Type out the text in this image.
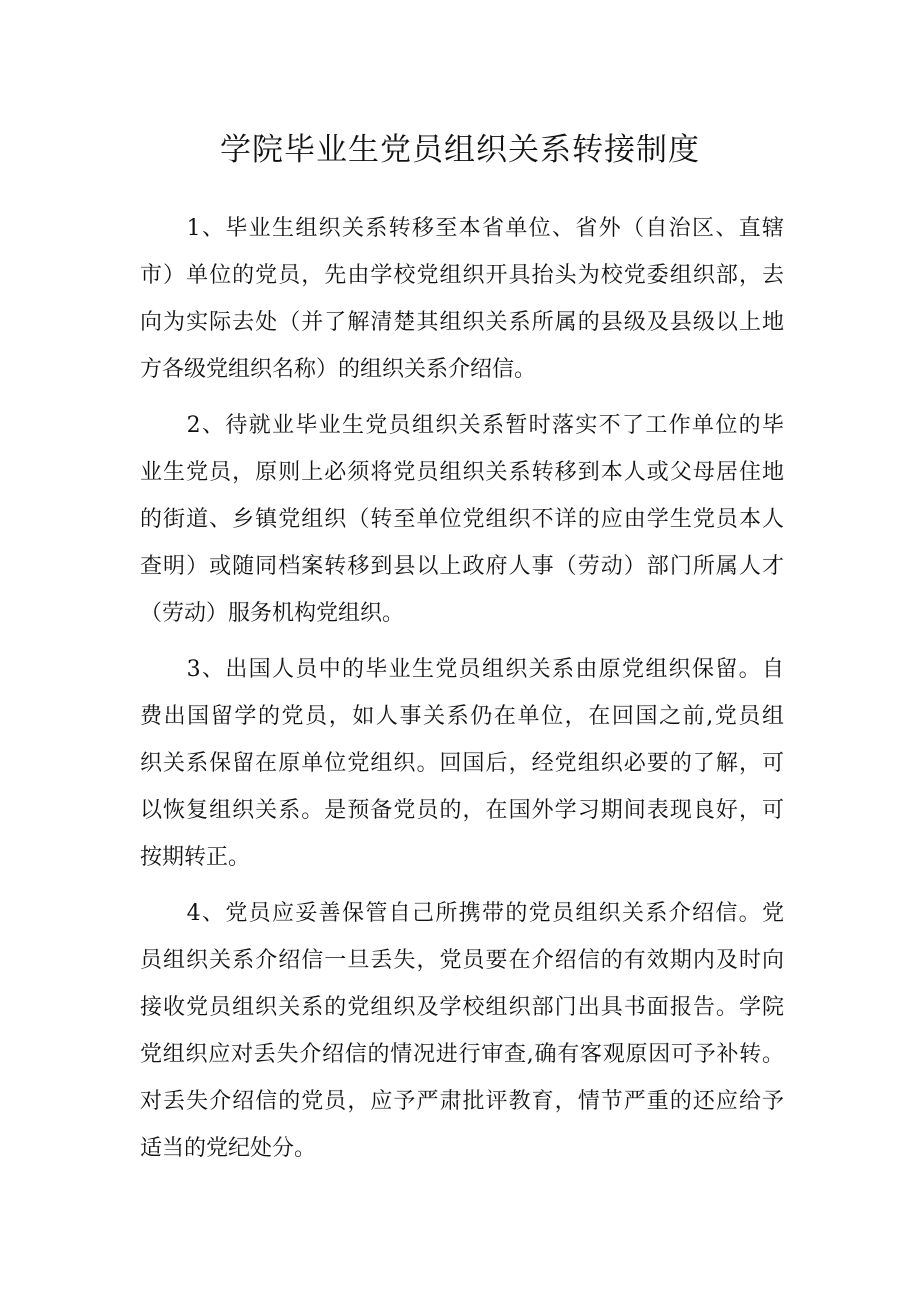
学院毕业生党员组织关系转接制度
　　1、毕业生组织关系转移至本省单位、省外（自治区、直辖
市）单位的党员，先由学校党组织开具抬头为校党委组织部，去
向为实际去处（并了解清楚其组织关系所属的县级及县级以上地
方各级党组织名称）的组织关系介绍信。
　　2、待就业毕业生党员组织关系暂时落实不了工作单位的毕
业生党员，原则上必须将党员组织关系转移到本人或父母居住地
的街道、乡镇党组织（转至单位党组织不详的应由学生党员本人
查明）或随同档案转移到县以上政府人事（劳动）部门所属人才
（劳动）服务机构党组织。
　　3、出国人员中的毕业生党员组织关系由原党组织保留。自
费出国留学的党员，如人事关系仍在单位，在回国之前,党员组
织关系保留在原单位党组织。回国后，经党组织必要的了解，可
以恢复组织关系。是预备党员的，在国外学习期间表现良好，可
按期转正。
　　4、党员应妥善保管自己所携带的党员组织关系介绍信。党
员组织关系介绍信一旦丢失，党员要在介绍信的有效期内及时向
接收党员组织关系的党组织及学校组织部门出具书面报告。学院
党组织应对丢失介绍信的情况进行审查,确有客观原因可予补转。
对丢失介绍信的党员，应予严肃批评教育，情节严重的还应给予
适当的党纪处分。
